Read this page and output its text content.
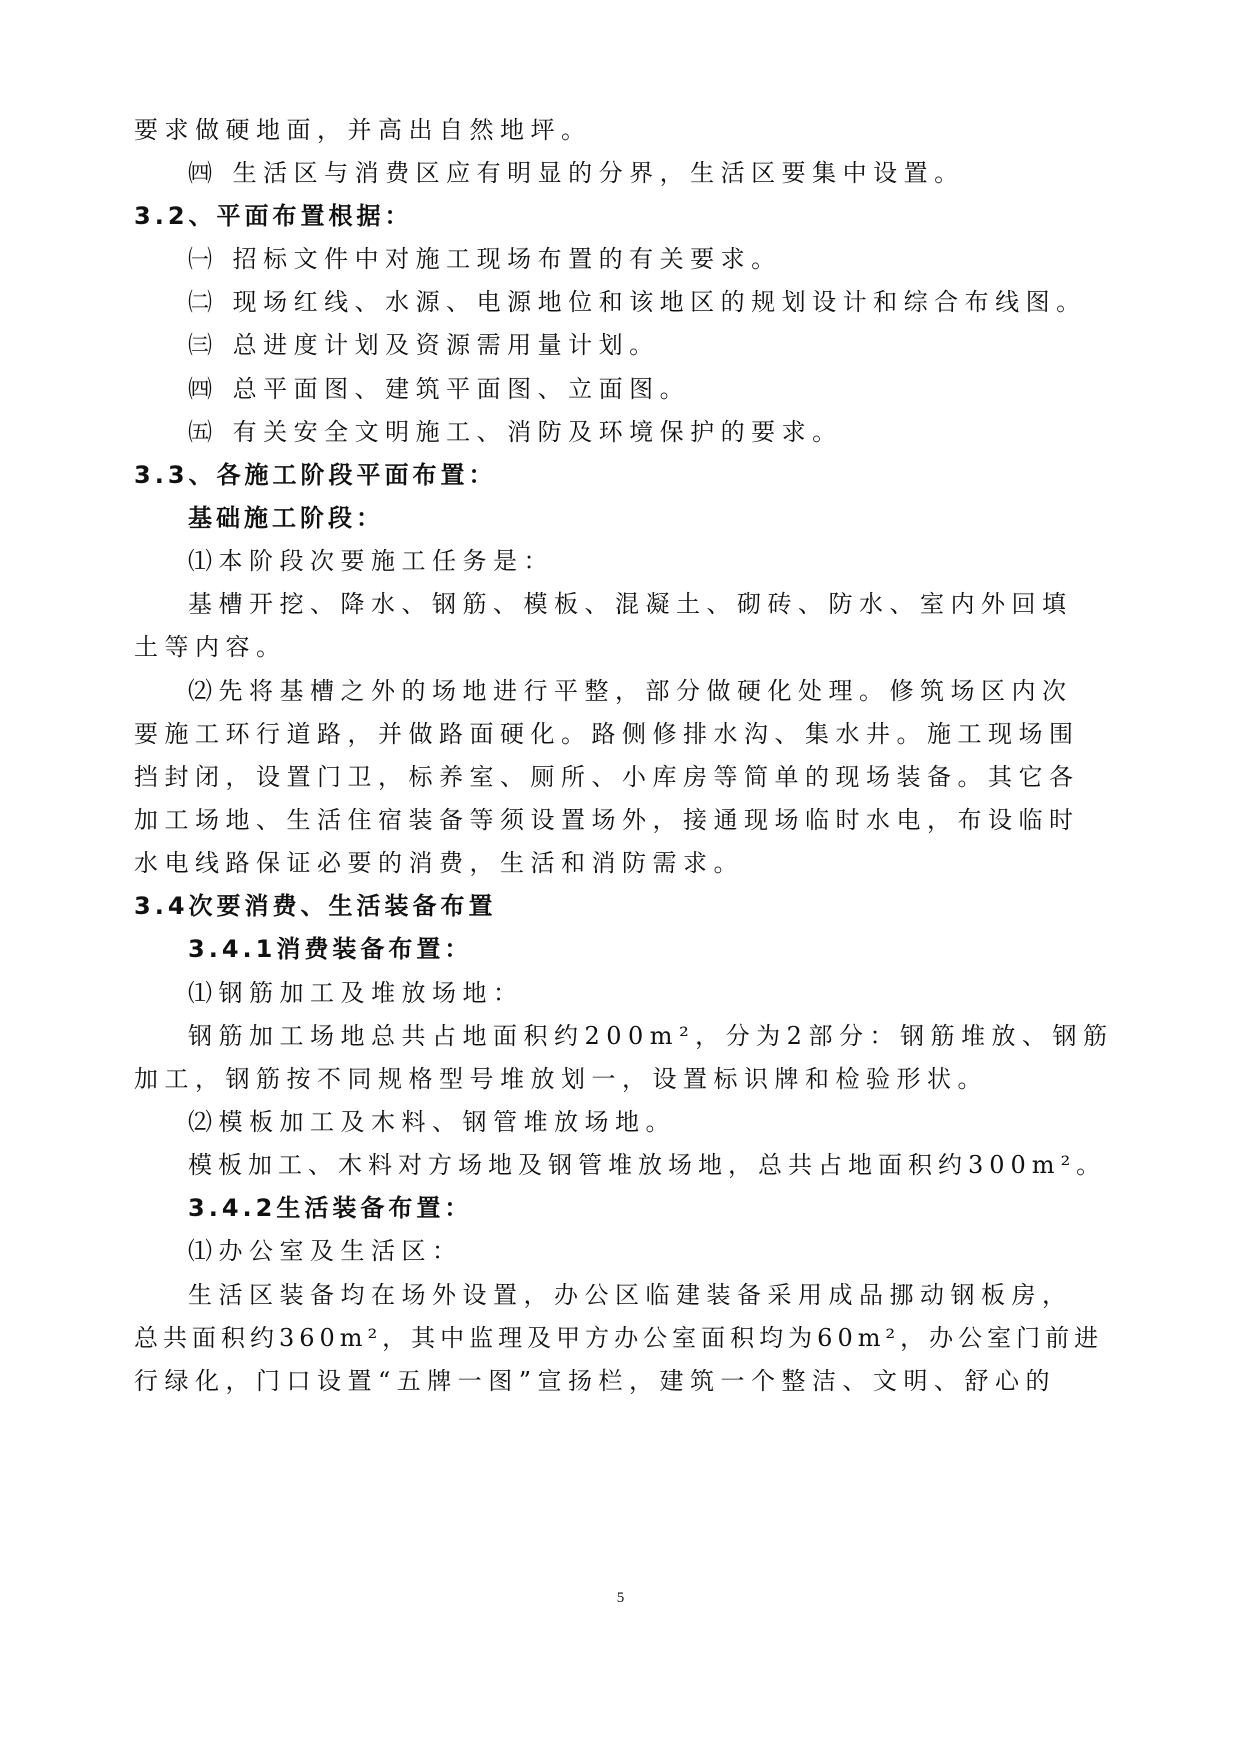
要求做硬地面，并高出自然地坪。
㈣ 生活区与消费区应有明显的分界，生活区要集中设置。
3.2、平面布置根据：
㈠ 招标文件中对施工现场布置的有关要求。
㈡ 现场红线、水源、电源地位和该地区的规划设计和综合布线图。
㈢ 总进度计划及资源需用量计划。
㈣ 总平面图、建筑平面图、立面图。
㈤ 有关安全文明施工、消防及环境保护的要求。
3.3、各施工阶段平面布置：
基础施工阶段：
⑴本阶段次要施工任务是：
基槽开挖、降水、钢筋、模板、混凝土、砌砖、防水、室内外回填
土等内容。
⑵先将基槽之外的场地进行平整，部分做硬化处理。修筑场区内次
要施工环行道路，并做路面硬化。路侧修排水沟、集水井。施工现场围
挡封闭，设置门卫，标养室、厕所、小库房等简单的现场装备。其它各
加工场地、生活住宿装备等须设置场外，接通现场临时水电，布设临时
水电线路保证必要的消费，生活和消防需求。
3.4次要消费、生活装备布置
3.4.1消费装备布置：
⑴钢筋加工及堆放场地：
钢筋加工场地总共占地面积约200m²，分为2部分：钢筋堆放、钢筋
加工，钢筋按不同规格型号堆放划一，设置标识牌和检验形状。
⑵模板加工及木料、钢管堆放场地。
模板加工、木料对方场地及钢管堆放场地，总共占地面积约300m²。
3.4.2生活装备布置：
⑴办公室及生活区：
生活区装备均在场外设置，办公区临建装备采用成品挪动钢板房，
总共面积约360m²，其中监理及甲方办公室面积均为60m²，办公室门前进
行绿化，门口设置“五牌一图”宣扬栏，建筑一个整洁、文明、舒心的
5
